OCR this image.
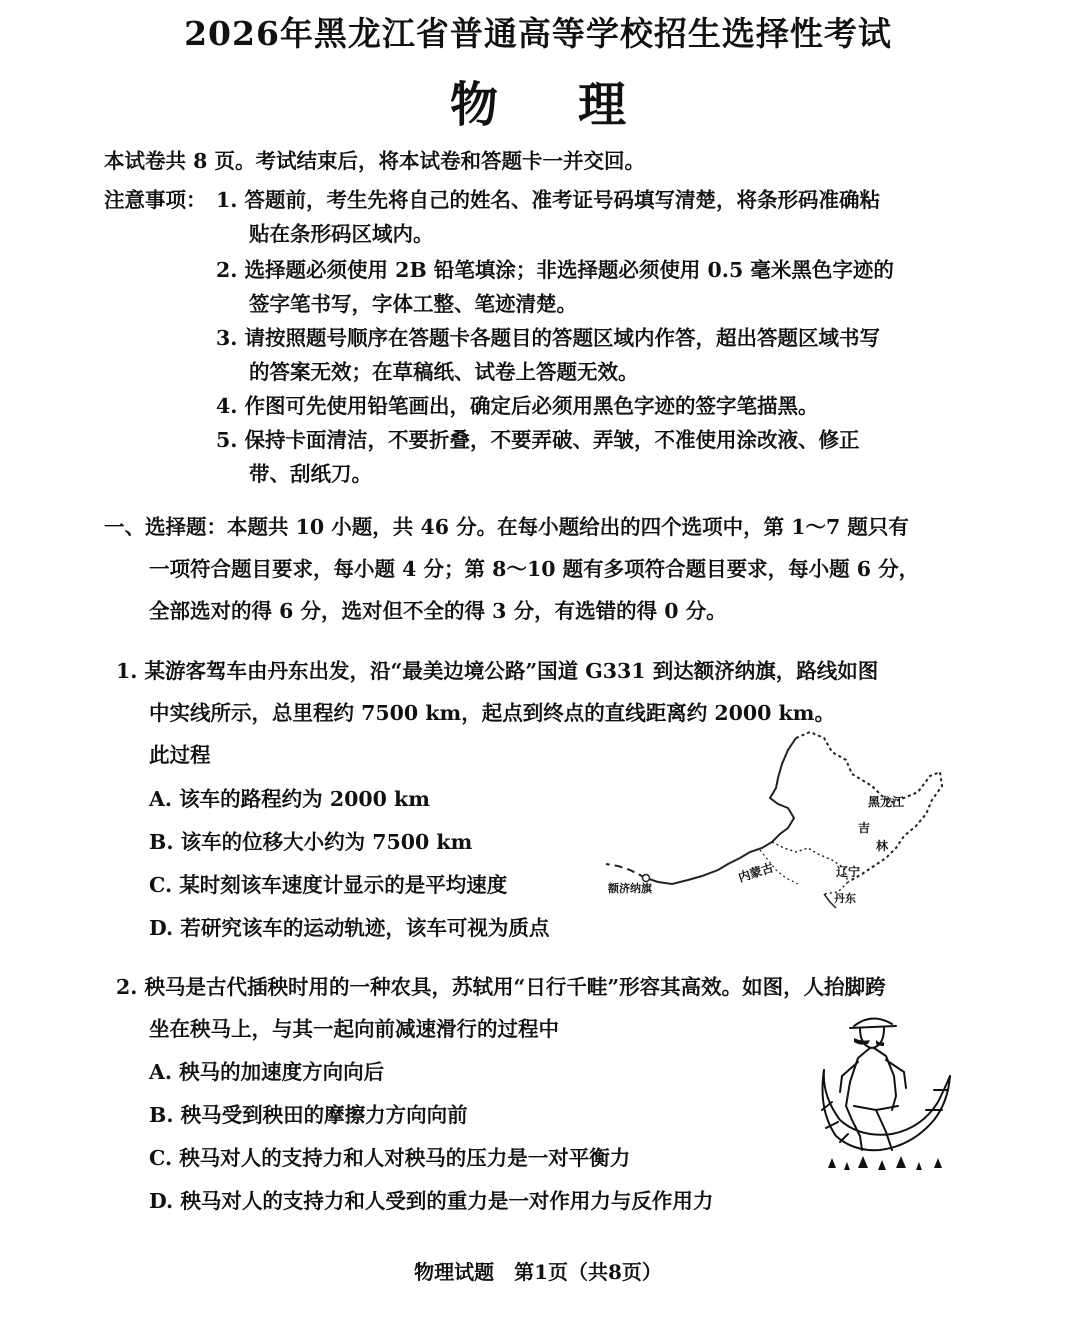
2026年黑龙江省普通高等学校招生选择性考试
物理
本试卷共 8 页。考试结束后，将本试卷和答题卡一并交回。
注意事项： 1. 答题前，考生先将自己的姓名、准考证号码填写清楚，将条形码准确粘
贴在条形码区域内。
2. 选择题必须使用 2B 铅笔填涂；非选择题必须使用 0.5 毫米黑色字迹的
签字笔书写，字体工整、笔迹清楚。
3. 请按照题号顺序在答题卡各题目的答题区域内作答，超出答题区域书写
的答案无效；在草稿纸、试卷上答题无效。
4. 作图可先使用铅笔画出，确定后必须用黑色字迹的签字笔描黑。
5. 保持卡面清洁，不要折叠，不要弄破、弄皱，不准使用涂改液、修正
带、刮纸刀。
一、选择题：本题共 10 小题，共 46 分。在每小题给出的四个选项中，第 1～7 题只有
一项符合题目要求，每小题 4 分；第 8～10 题有多项符合题目要求，每小题 6 分，
全部选对的得 6 分，选对但不全的得 3 分，有选错的得 0 分。
1. 某游客驾车由丹东出发，沿“最美边境公路”国道 G331 到达额济纳旗，路线如图
中实线所示，总里程约 7500 km，起点到终点的直线距离约 2000 km。
此过程
A. 该车的路程约为 2000 km
B. 该车的位移大小约为 7500 km
C. 某时刻该车速度计显示的是平均速度
D. 若研究该车的运动轨迹，该车可视为质点
黑龙江
吉
林
辽宁
内蒙古
额济纳旗
丹东
2. 秧马是古代插秧时用的一种农具，苏轼用“日行千畦”形容其高效。如图，人抬脚跨
坐在秧马上，与其一起向前减速滑行的过程中
A. 秧马的加速度方向向后
B. 秧马受到秧田的摩擦力方向向前
C. 秧马对人的支持力和人对秧马的压力是一对平衡力
D. 秧马对人的支持力和人受到的重力是一对作用力与反作用力
物理试题　第1页（共8页）
